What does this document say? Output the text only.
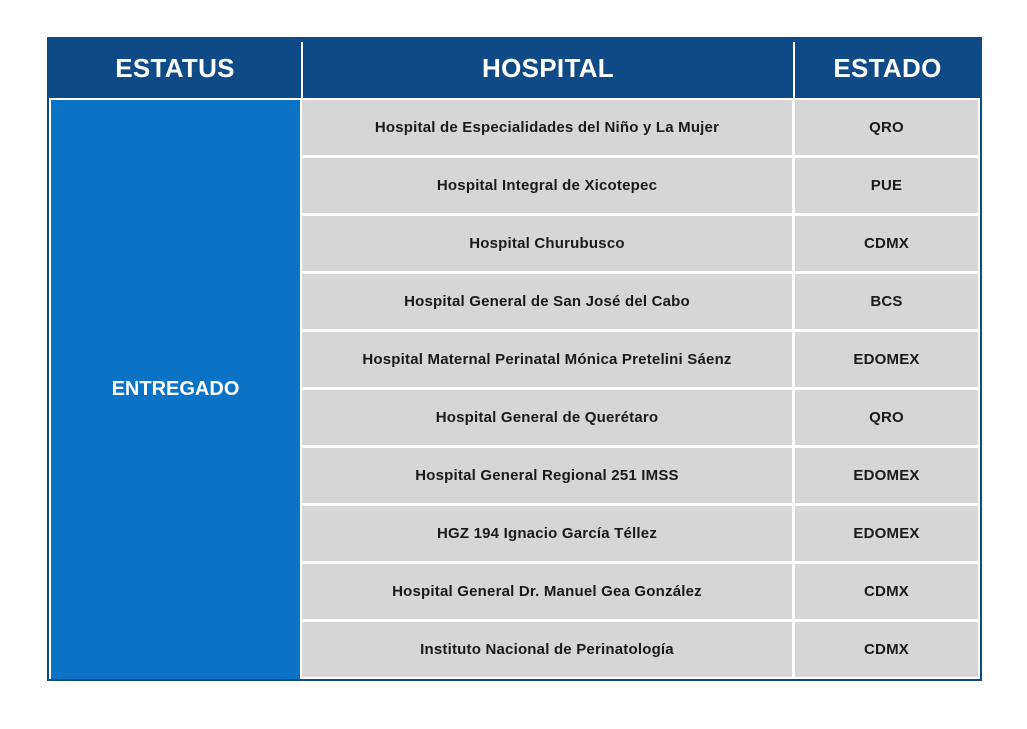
ESTATUS	HOSPITAL	ESTADO
ENTREGADO
Hospital de Especialidades del Niño y La Mujer	QRO
Hospital Integral de Xicotepec	PUE
Hospital Churubusco	CDMX
Hospital General de San José del Cabo	BCS
Hospital Maternal Perinatal Mónica Pretelini Sáenz	EDOMEX
Hospital General de Querétaro	QRO
Hospital General Regional 251 IMSS	EDOMEX
HGZ 194 Ignacio García Téllez	EDOMEX
Hospital General Dr. Manuel Gea González	CDMX
Instituto Nacional de Perinatología	CDMX
